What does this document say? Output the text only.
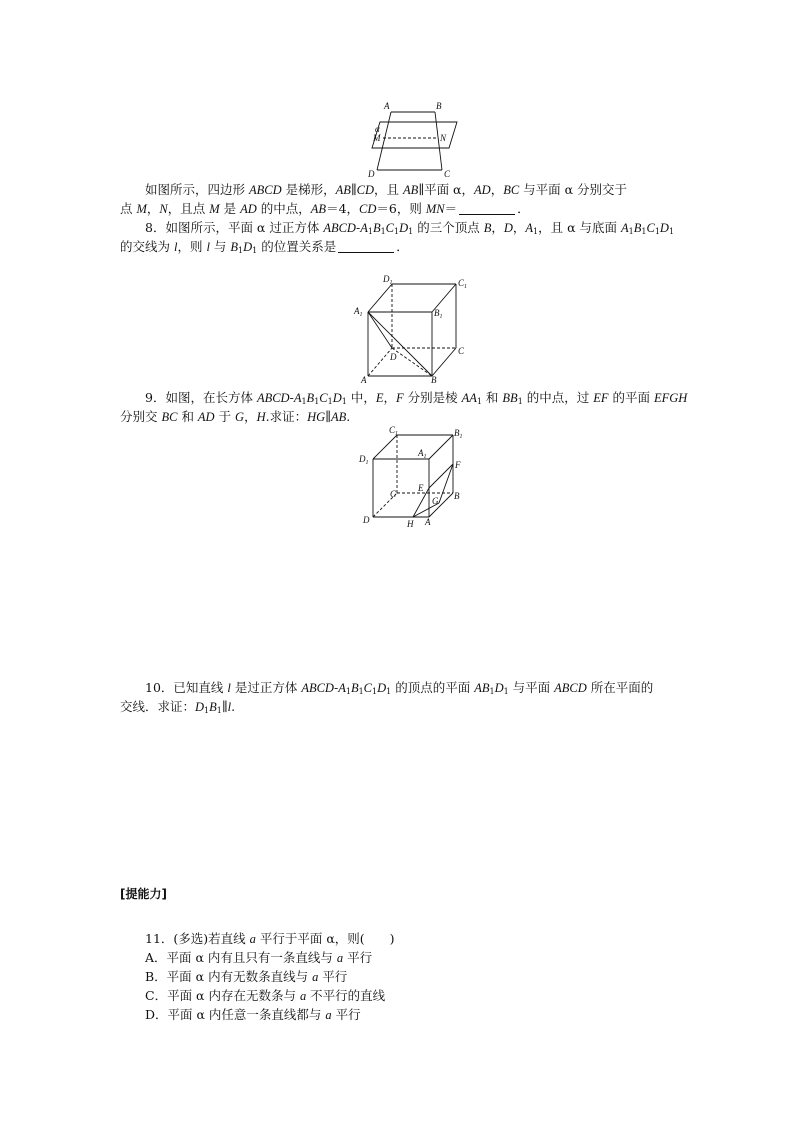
A	B
α
M	N
D	C
如图所示，四边形 ABCD 是梯形，AB∥CD，且 AB∥平面 α，AD，BC 与平面 α 分别交于
点 M，N，且点 M 是 AD 的中点，AB＝4，CD＝6，则 MN＝	．
8．如图所示，平面 α 过正方体 ABCD-$A_1B_1C_1D_1$ 的三个顶点 B，D，$A_1$，且 α 与底面 $A_1B_1C_1D_1$
的交线为 l，则 l 与 $B_1D_1$ 的位置关系是	．
$D_1$	$C_1$
$A_1$	$B_1$
D
C
A	B
9．如图，在长方体 ABCD-$A_1B_1C_1D_1$ 中，E，F 分别是棱 $AA_1$ 和 $BB_1$ 的中点，过 EF 的平面 EFGH
分别交 BC 和 AD 于 G，H.求证：HG∥AB.
$C_1$	$B_1$
$D_1$
$A_1$
F
C
E
B
G
D	H A
10．已知直线 l 是过正方体 ABCD-$A_1B_1C_1D_1$ 的顶点的平面 $AB_1D_1$ 与平面 ABCD 所在平面的
交线．求证：$D_1B_1\parallel l$.
[提能力]
11．(多选)若直线 a 平行于平面 α，则(　　)
A．平面 α 内有且只有一条直线与 a 平行
B．平面 α 内有无数条直线与 a 平行
C．平面 α 内存在无数条与 a 不平行的直线
D．平面 α 内任意一条直线都与 a 平行
